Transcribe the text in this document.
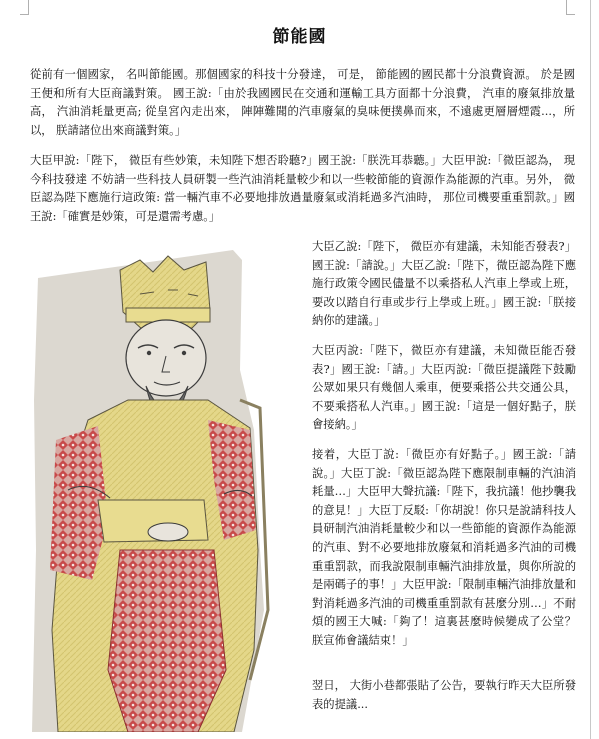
節能國

從前有一個國家， 名叫節能國。那個國家的科技十分發達， 可是， 節能國的國民都十分浪費資源。 於是國王便和所有大臣商議對策。 國王說:「由於我國國民在交通和運輸工具方面都十分浪費， 汽車的廢氣排放量高， 汽油消耗量更高; 從皇宮內走出來， 陣陣難聞的汽車廢氣的臭味便撲鼻而來，不遠處更層層煙霞...，所以， 朕請諸位出來商議對策。」

大臣甲說:「陛下， 微臣有些妙策，未知陛下想否聆聽?」國王說:「朕洗耳恭聽。」大臣甲說:「微臣認為， 現今科技發達 不妨請一些科技人員研製一些汽油消耗量較少和以一些較節能的資源作為能源的汽車。另外， 微臣認為陛下應施行這政策: 當一輛汽車不必要地排放過量廢氣或消耗過多汽油時， 那位司機要重重罰款。」國王說:「確實是妙策，可是還需考慮。」

大臣乙說:「陛下， 微臣亦有建議，未知能否發表?」 國王說:「請說。」大臣乙說:「陛下，微臣認為陛下應施行政策令國民儘量不以乘搭私人汽車上學或上班，要改以踏自行車或步行上學或上班。」國王說:「朕接納你的建議。」

大臣丙說:「陛下，微臣亦有建議，未知微臣能否發表?」國王說:「請。」大臣丙說:「微臣提議陛下鼓勵公眾如果只有幾個人乘車，便要乘搭公共交通公具，不要乘搭私人汽車。」國王說:「這是一個好點子，朕會接納。」

接着，大臣丁說:「微臣亦有好點子。」國王說:「請說。」大臣丁說:「微臣認為陛下應限制車輛的汽油消耗量…」大臣甲大聲抗議:「陛下，我抗議！他抄襲我的意見！」大臣丁反駁:「你胡說！你只是說請科技人員研制汽油消耗量較少和以一些節能的資源作為能源的汽車、對不必要地排放廢氣和消耗過多汽油的司機重重罰款，而我說限制車輛汽油排放量，與你所說的是兩碼子的事！」大臣甲說:「限制車輛汽油排放量和對消耗過多汽油的司機重重罰款有甚麼分別…」不耐煩的國王大喊:「夠了！這裏甚麼時候變成了公堂？ 朕宣佈會議結束！」

翌日， 大街小巷都張貼了公告，要執行昨天大臣所發表的提議...
